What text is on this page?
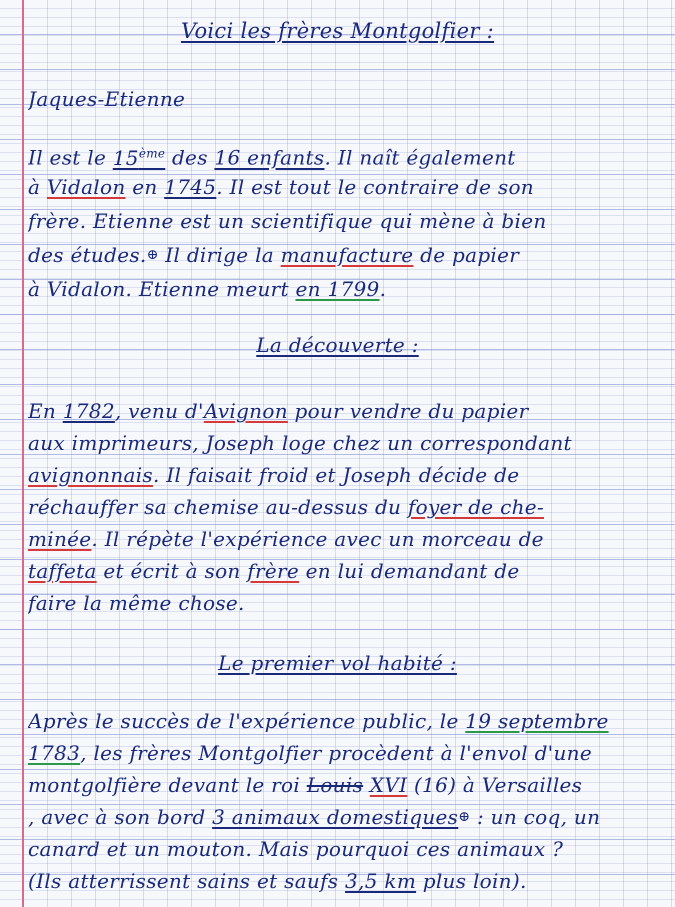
Voici les frères Montgolfier :
Jaques-Etienne
Il est le 15ème des 16 enfants. Il naît également
à Vidalon en 1745. Il est tout le contraire de son
frère. Etienne est un scientifique qui mène à bien
des études.⊕ Il dirige la manufacture de papier
à Vidalon. Etienne meurt en 1799.
La découverte :
En 1782, venu d'Avignon pour vendre du papier
aux imprimeurs, Joseph loge chez un correspondant
avignonnais. Il faisait froid et Joseph décide de
réchauffer sa chemise au-dessus du foyer de che-
minée. Il répète l'expérience avec un morceau de
taffeta et écrit à son frère en lui demandant de
faire la même chose.
Le premier vol habité :
Après le succès de l'expérience public, le 19 septembre
1783, les frères Montgolfier procèdent à l'envol d'une
montgolfière devant le roi Louis XVI (16) à Versailles
, avec à son bord 3 animaux domestiques⊕ : un coq, un
canard et un mouton. Mais pourquoi ces animaux ?
(Ils atterrissent sains et saufs 3,5 km plus loin).
